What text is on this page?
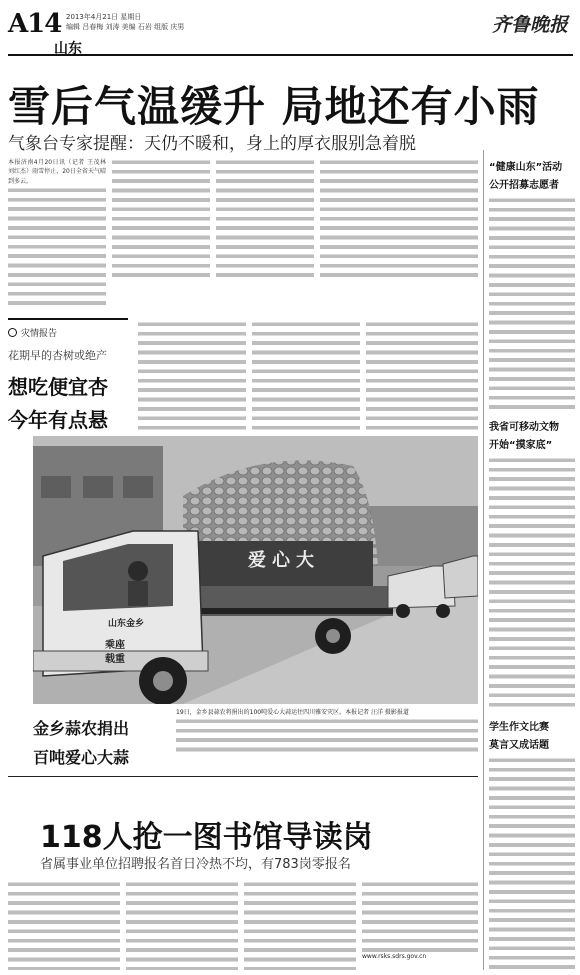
A14 2013年4月21日 星期日
编辑 吕春梅 刘涛 美编 石岩 组版 庆男	齐鲁晚报
山东
雪后气温缓升 局地还有小雨
气象台专家提醒：天仍不暖和，身上的厚衣服别急着脱
本报济南4月20日讯（记者 王茂林 刘红杰）雨雪停止，20日全省天气晴到多云。
灾情报告
花期早的杏树或绝产
想吃便宜杏
今年有点悬
爱心大
山东金乡
乘座
载重
金乡蒜农捐出
百吨爱心大蒜
19日，金乡县蒜农将捐出的100吨爱心大蒜运往四川雅安灾区。本报记者 汪洋 摄影报道
118人抢一图书馆导读岗
省属事业单位招聘报名首日冷热不均，有783岗零报名
www.rsks.sdrs.gov.cn
“健康山东”活动
公开招募志愿者
我省可移动文物
开始“摸家底”
学生作文比赛
莫言又成话题
